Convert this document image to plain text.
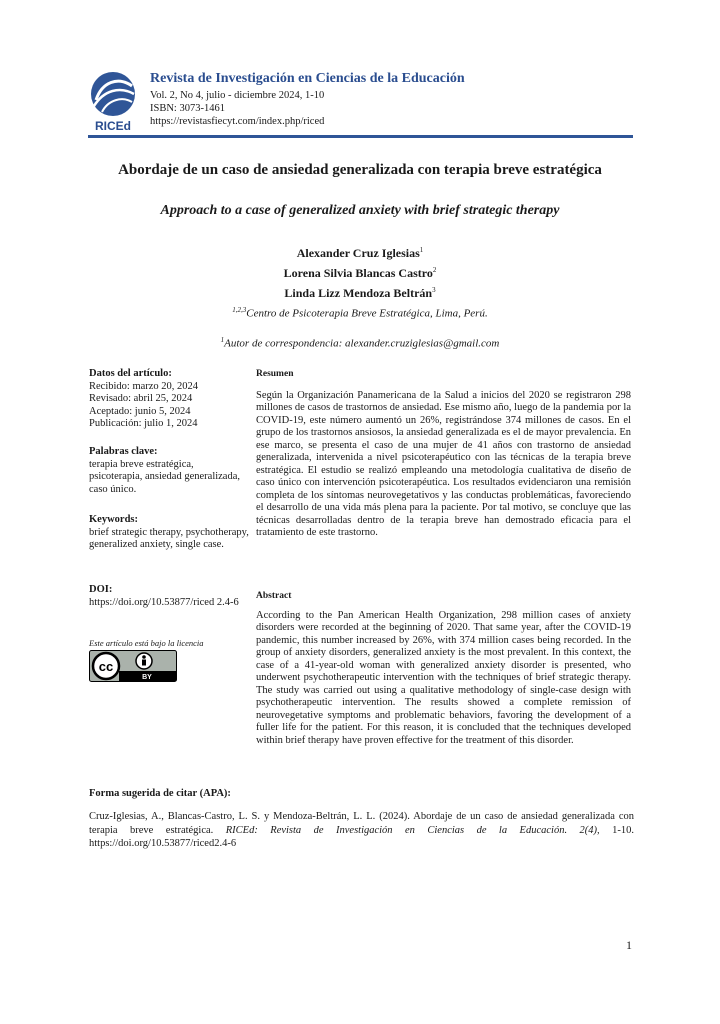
RICEd
Revista de Investigación en Ciencias de la Educación
Vol. 2, No 4, julio - diciembre 2024, 1-10
ISBN: 3073-1461
https://revistasfiecyt.com/index.php/riced
Abordaje de un caso de ansiedad generalizada con terapia breve estratégica
Approach to a case of generalized anxiety with brief strategic therapy
Alexander Cruz Iglesias$^1$
Lorena Silvia Blancas Castro$^2$
Linda Lizz Mendoza Beltrán$^3$
$^{1,2,3}$Centro de Psicoterapia Breve Estratégica, Lima, Perú.
$^1$Autor de correspondencia: alexander.cruziglesias@gmail.com
Datos del artículo:
Recibido: marzo 20, 2024
Revisado: abril 25, 2024
Aceptado: junio 5, 2024
Publicación: julio 1, 2024
Palabras clave:
terapia breve estratégica, psicoterapia, ansiedad generalizada, caso único.
Keywords:
brief strategic therapy, psychotherapy, generalized anxiety, single case.
DOI:
https://doi.org/10.53877/riced 2.4-6
Este artículo está bajo la licencia
cc
BY
Resumen
Según la Organización Panamericana de la Salud a inicios del 2020 se registraron 298 millones de casos de trastornos de ansiedad. Ese mismo año, luego de la pandemia por la COVID-19, este número aumentó un 26%, registrándose 374 millones de casos. En el grupo de los trastornos ansiosos, la ansiedad generalizada es el de mayor prevalencia. En ese marco, se presenta el caso de una mujer de 41 años con trastorno de ansiedad generalizada, intervenida a nivel psicoterapéutico con las técnicas de la terapia breve estratégica. El estudio se realizó empleando una metodología cualitativa de diseño de caso único con intervención psicoterapéutica. Los resultados evidenciaron una remisión completa de los síntomas neurovegetativos y las conductas problemáticas, favoreciendo el desarrollo de una vida más plena para la paciente. Por tal motivo, se concluye que las técnicas desarrolladas dentro de la terapia breve han demostrado eficacia para el tratamiento de este trastorno.
Abstract
According to the Pan American Health Organization, 298 million cases of anxiety disorders were recorded at the beginning of 2020. That same year, after the COVID-19 pandemic, this number increased by 26%, with 374 million cases being recorded. In the group of anxiety disorders, generalized anxiety is the most prevalent. In this context, the case of a 41-year-old woman with generalized anxiety disorder is presented, who underwent psychotherapeutic intervention with the techniques of brief strategic therapy. The study was carried out using a qualitative methodology of single-case design with psychotherapeutic intervention. The results showed a complete remission of neurovegetative symptoms and problematic behaviors, favoring the development of a fuller life for the patient. For this reason, it is concluded that the techniques developed within brief therapy have proven effective for the treatment of this disorder.
Forma sugerida de citar (APA):
Cruz-Iglesias, A., Blancas-Castro, L. S. y Mendoza-Beltrán, L. L. (2024). Abordaje de un caso de ansiedad generalizada con terapia breve estratégica. RICEd: Revista de Investigación en Ciencias de la Educación. 2(4), 1-10. https://doi.org/10.53877/riced2.4-6
1
